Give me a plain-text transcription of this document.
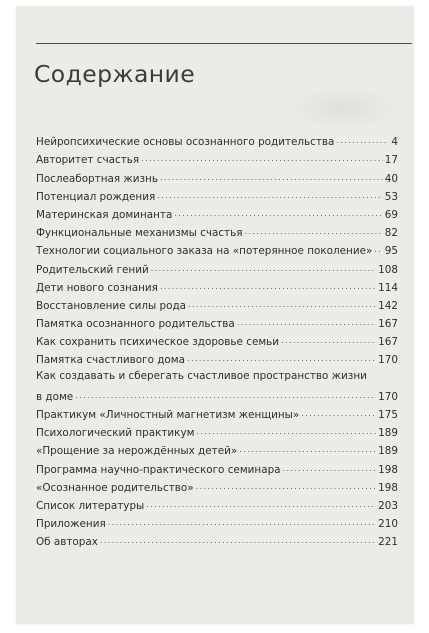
Содержание
Нейропсихические основы осознанного родительства .....	4
Авторитет счастья .....	17
Послеабортная жизнь .....	40
Потенциал рождения .....	53
Материнская доминанта .....	69
Функциональные механизмы счастья .....	82
Технологии социального заказа на «потерянное поколение» ..... 95
Родительский гений .....	108
Дети нового сознания .....	114
Восстановление силы рода .....	142
Памятка осознанного родительства .....	167
Как сохранить психическое здоровье семьи .....	167
Памятка счастливого дома .....	170
Как создавать и сберегать счастливое пространство жизни
в доме .....	170
Практикум «Личностный магнетизм женщины» .....	175
Психологический практикум .....	189
«Прощение за нерождённых детей» .....	189
Программа научно-практического семинара .....	198
«Осознанное родительство» .....	198
Список литературы .....	203
Приложения .....	210
Об авторах .....	221
